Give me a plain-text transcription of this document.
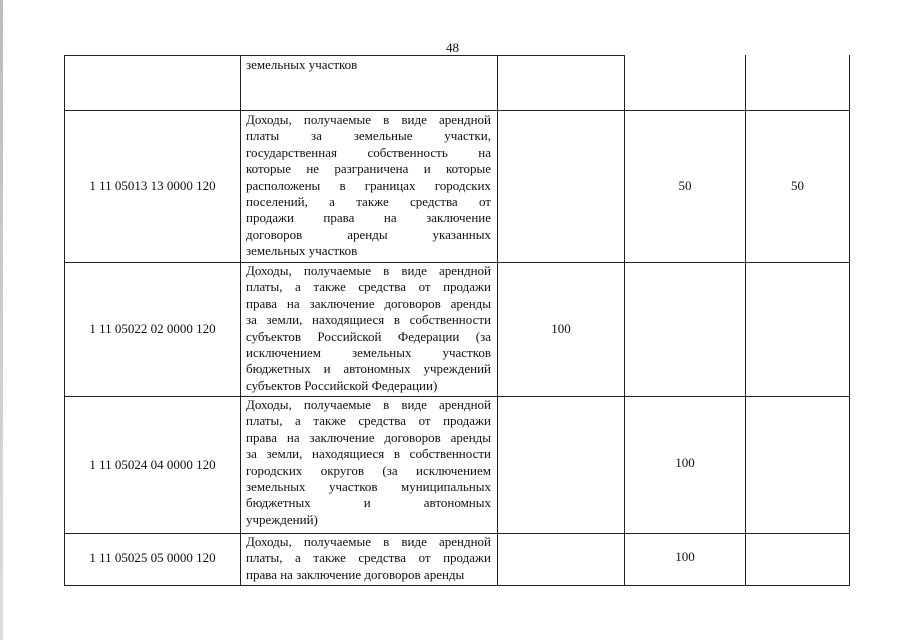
48
земельных участков
1 11 05013 13 0000 120
Доходы, получаемые в виде арендной
платы за земельные участки,
государственная собственность на
которые не разграничена и которые
расположены в границах городских
поселений, а также средства от
продажи права на заключение
договоров аренды указанных
земельных участков
50	50
1 11 05022 02 0000 120
Доходы, получаемые в виде арендной
платы, а также средства от продажи
права на заключение договоров аренды
за земли, находящиеся в собственности
субъектов Российской Федерации (за
исключением земельных участков
бюджетных и автономных учреждений
субъектов Российской Федерации)
100
1 11 05024 04 0000 120
Доходы, получаемые в виде арендной
платы, а также средства от продажи
права на заключение договоров аренды
за земли, находящиеся в собственности
городских округов (за исключением
земельных участков муниципальных
бюджетных и автономных
учреждений)
100
1 11 05025 05 0000 120
Доходы, получаемые в виде арендной
платы, а также средства от продажи
права на заключение договоров аренды
100
